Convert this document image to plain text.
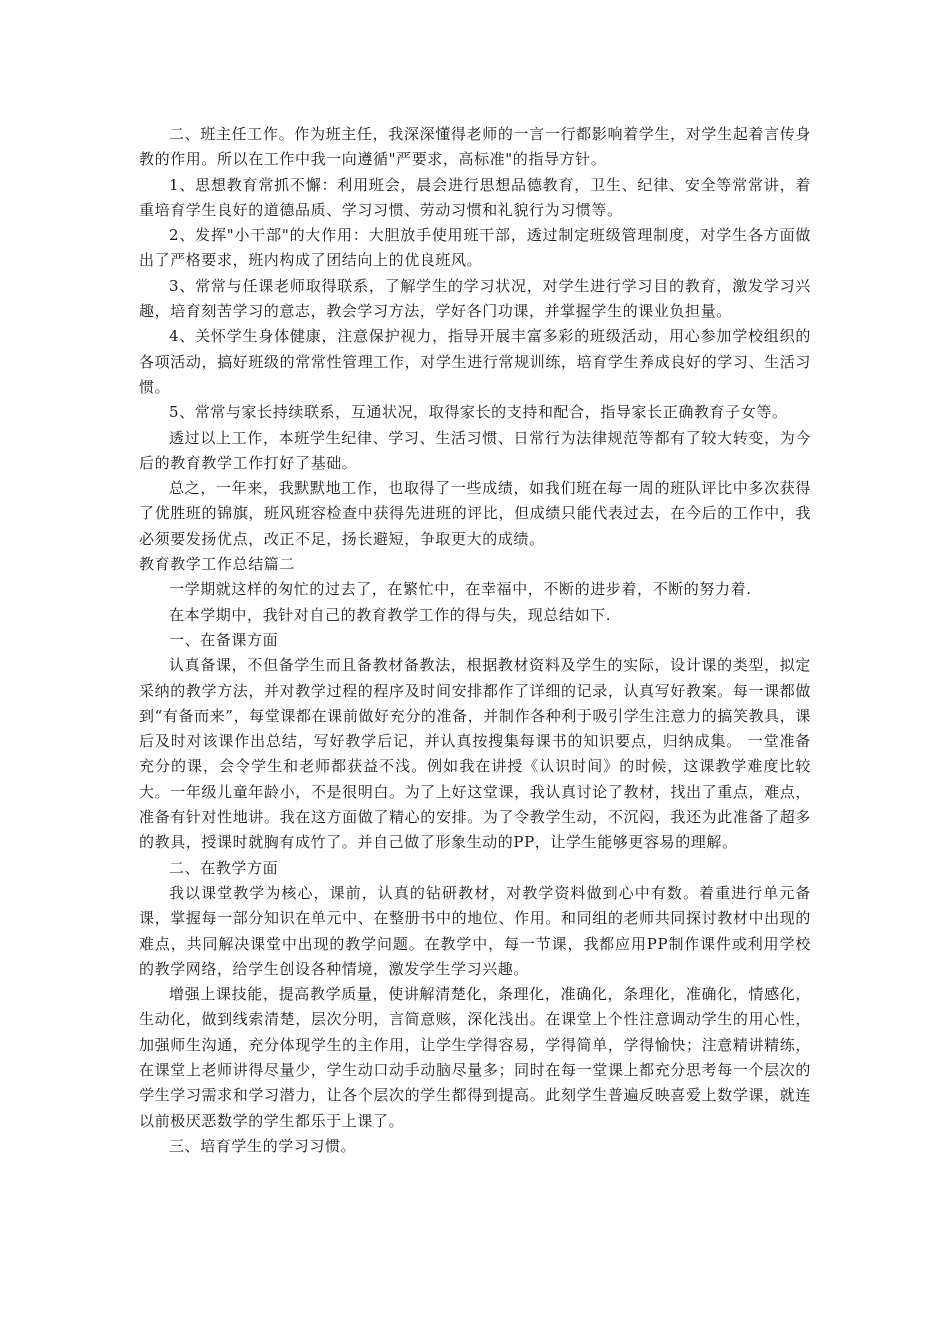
二、班主任工作。作为班主任，我深深懂得老师的一言一行都影响着学生，对学生起着言传身教的作用。所以在工作中我一向遵循"严要求，高标准"的指导方针。

1、思想教育常抓不懈：利用班会，晨会进行思想品德教育，卫生、纪律、安全等常常讲，着重培育学生良好的道德品质、学习习惯、劳动习惯和礼貌行为习惯等。

2、发挥"小干部"的大作用：大胆放手使用班干部，透过制定班级管理制度，对学生各方面做出了严格要求，班内构成了团结向上的优良班风。

3、常常与任课老师取得联系，了解学生的学习状况，对学生进行学习目的教育，激发学习兴趣，培育刻苦学习的意志，教会学习方法，学好各门功课，并掌握学生的课业负担量。

4、关怀学生身体健康，注意保护视力，指导开展丰富多彩的班级活动，用心参加学校组织的各项活动，搞好班级的常常性管理工作，对学生进行常规训练，培育学生养成良好的学习、生活习惯。

5、常常与家长持续联系，互通状况，取得家长的支持和配合，指导家长正确教育子女等。

透过以上工作，本班学生纪律、学习、生活习惯、日常行为法律规范等都有了较大转变，为今后的教育教学工作打好了基础。

总之，一年来，我默默地工作，也取得了一些成绩，如我们班在每一周的班队评比中多次获得了优胜班的锦旗，班风班容检查中获得先进班的评比，但成绩只能代表过去，在今后的工作中，我必须要发扬优点，改正不足，扬长避短，争取更大的成绩。

教育教学工作总结篇二

一学期就这样的匆忙的过去了，在繁忙中，在幸福中，不断的进步着，不断的努力着.

在本学期中，我针对自己的教育教学工作的得与失，现总结如下.

一、在备课方面

认真备课，不但备学生而且备教材备教法，根据教材资料及学生的实际，设计课的类型，拟定采纳的教学方法，并对教学过程的程序及时间安排都作了详细的记录，认真写好教案。每一课都做到“有备而来”，每堂课都在课前做好充分的准备，并制作各种利于吸引学生注意力的搞笑教具，课后及时对该课作出总结，写好教学后记，并认真按搜集每课书的知识要点，归纳成集。 一堂准备充分的课，会令学生和老师都获益不浅。例如我在讲授《认识时间》的时候，这课教学难度比较大。一年级儿童年龄小，不是很明白。为了上好这堂课，我认真讨论了教材，找出了重点，难点，准备有针对性地讲。我在这方面做了精心的安排。为了令教学生动，不沉闷，我还为此准备了超多的教具，授课时就胸有成竹了。并自己做了形象生动的PP，让学生能够更容易的理解。

二、在教学方面

我以课堂教学为核心，课前，认真的钻研教材，对教学资料做到心中有数。着重进行单元备课，掌握每一部分知识在单元中、在整册书中的地位、作用。和同组的老师共同探讨教材中出现的难点，共同解决课堂中出现的教学问题。在教学中，每一节课，我都应用PP制作课件或利用学校的教学网络，给学生创设各种情境，激发学生学习兴趣。

增强上课技能，提高教学质量，使讲解清楚化，条理化，准确化，条理化，准确化，情感化，生动化，做到线索清楚，层次分明，言简意赅，深化浅出。在课堂上个性注意调动学生的用心性，加强师生沟通，充分体现学生的主作用，让学生学得容易，学得简单，学得愉快；注意精讲精练，在课堂上老师讲得尽量少，学生动口动手动脑尽量多；同时在每一堂课上都充分思考每一个层次的学生学习需求和学习潜力，让各个层次的学生都得到提高。此刻学生普遍反映喜爱上数学课，就连以前极厌恶数学的学生都乐于上课了。

三、培育学生的学习习惯。
